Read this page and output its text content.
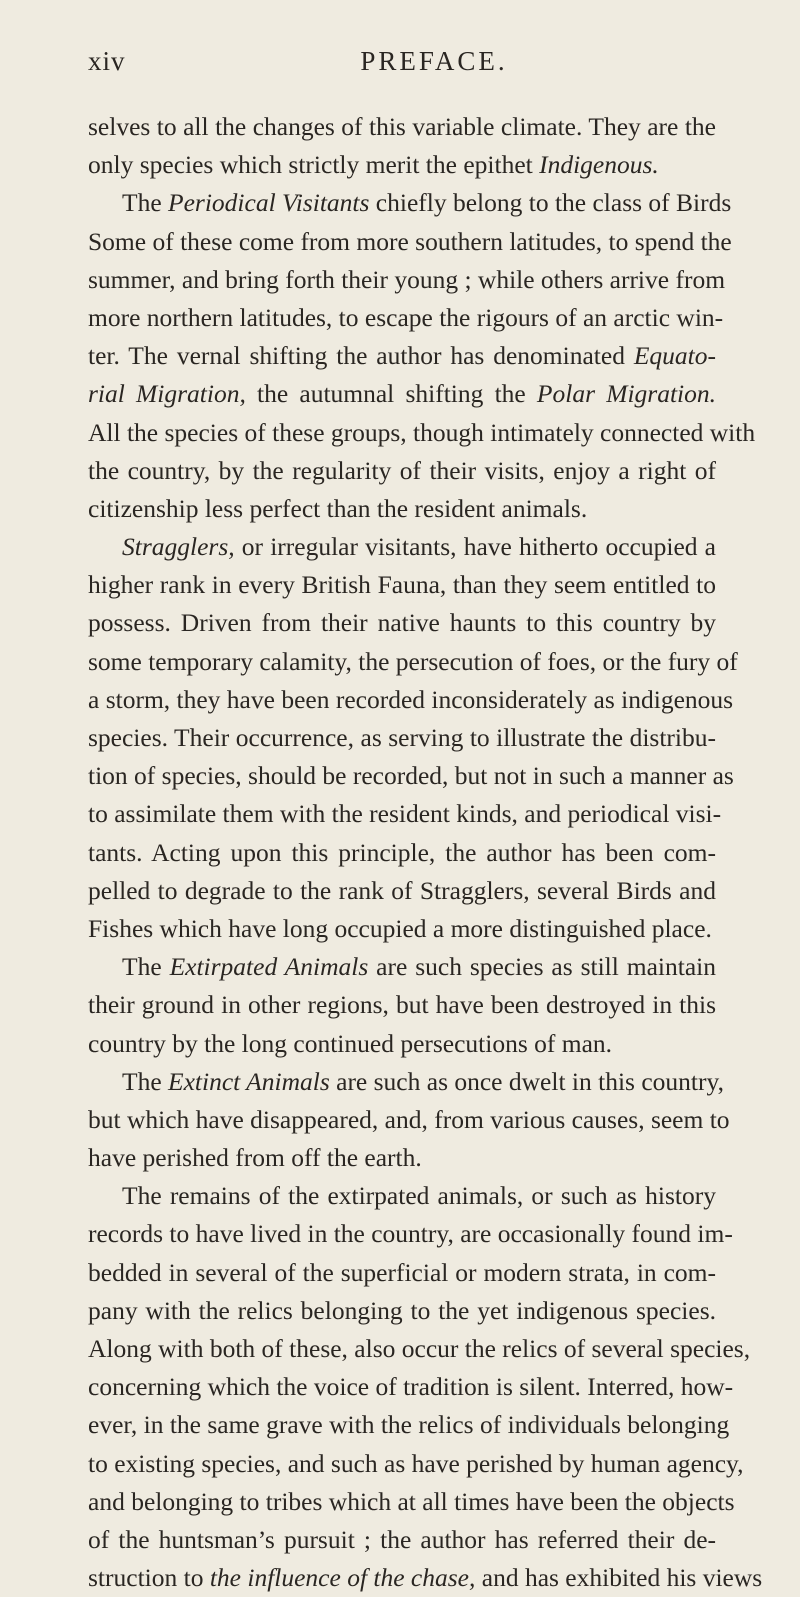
xiv	PREFACE.
selves to all the changes of this variable climate. They are the
only species which strictly merit the epithet Indigenous.
The Periodical Visitants chiefly belong to the class of Birds
Some of these come from more southern latitudes, to spend the
summer, and bring forth their young ; while others arrive from
more northern latitudes, to escape the rigours of an arctic win-
ter. The vernal shifting the author has denominated Equato-
rial Migration, the autumnal shifting the Polar Migration.
All the species of these groups, though intimately connected with
the country, by the regularity of their visits, enjoy a right of
citizenship less perfect than the resident animals.
Stragglers, or irregular visitants, have hitherto occupied a
higher rank in every British Fauna, than they seem entitled to
possess. Driven from their native haunts to this country by
some temporary calamity, the persecution of foes, or the fury of
a storm, they have been recorded inconsiderately as indigenous
species. Their occurrence, as serving to illustrate the distribu-
tion of species, should be recorded, but not in such a manner as
to assimilate them with the resident kinds, and periodical visi-
tants. Acting upon this principle, the author has been com-
pelled to degrade to the rank of Stragglers, several Birds and
Fishes which have long occupied a more distinguished place.
The Extirpated Animals are such species as still maintain
their ground in other regions, but have been destroyed in this
country by the long continued persecutions of man.
The Extinct Animals are such as once dwelt in this country,
but which have disappeared, and, from various causes, seem to
have perished from off the earth.
The remains of the extirpated animals, or such as history
records to have lived in the country, are occasionally found im-
bedded in several of the superficial or modern strata, in com-
pany with the relics belonging to the yet indigenous species.
Along with both of these, also occur the relics of several species,
concerning which the voice of tradition is silent. Interred, how-
ever, in the same grave with the relics of individuals belonging
to existing species, and such as have perished by human agency,
and belonging to tribes which at all times have been the objects
of the huntsman’s pursuit ; the author has referred their de-
struction to the influence of the chase, and has exhibited his views
